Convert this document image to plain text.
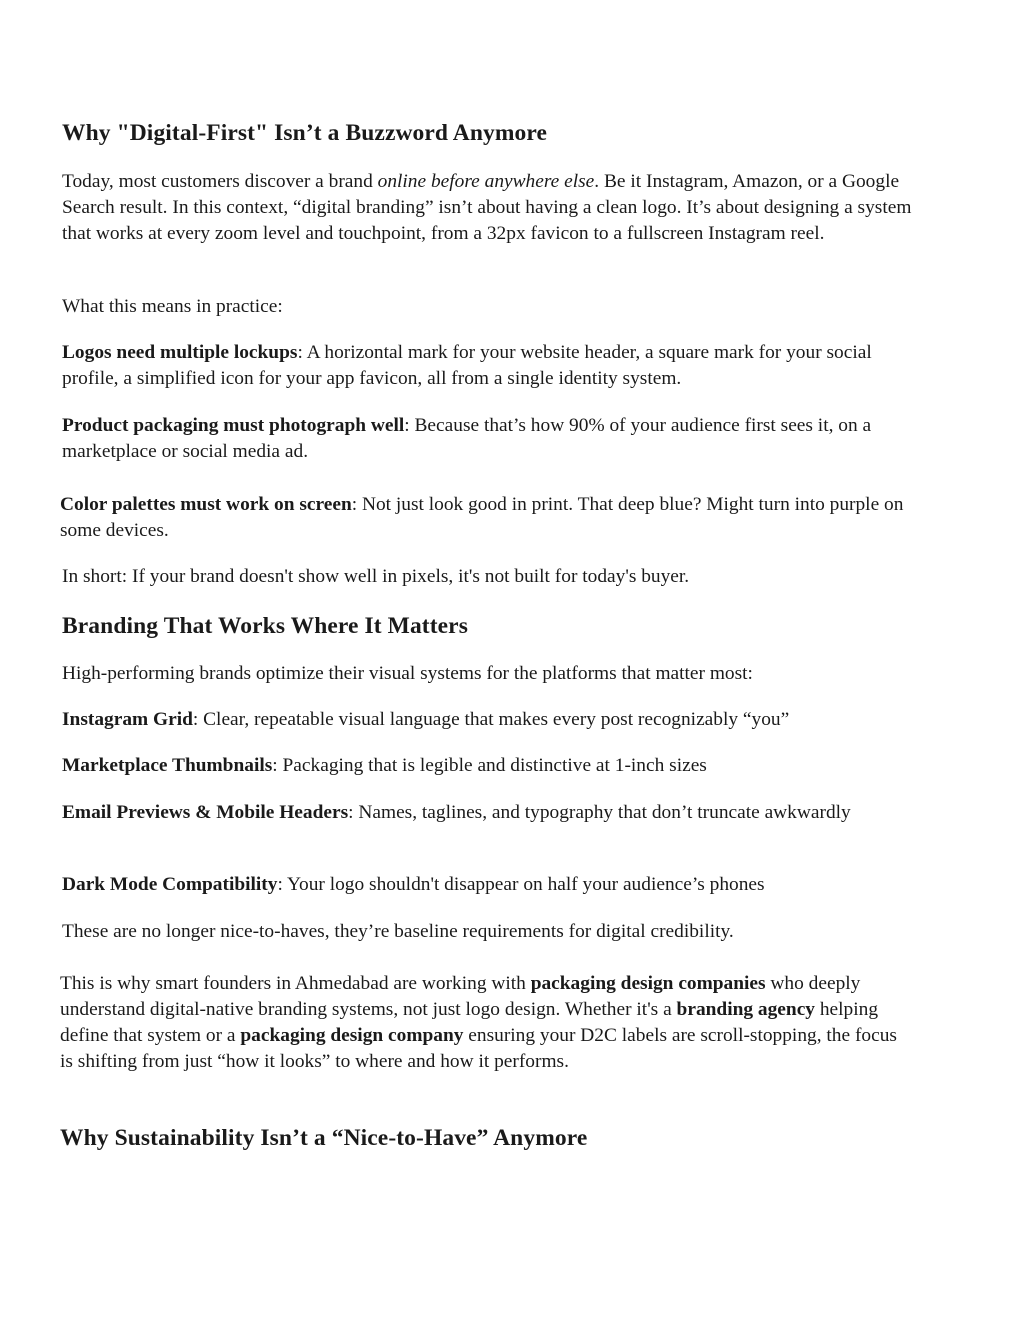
Why "Digital-First" Isn’t a Buzzword Anymore

Today, most customers discover a brand online before anywhere else. Be it Instagram, Amazon, or a Google Search result. In this context, “digital branding” isn’t about having a clean logo. It’s about designing a system that works at every zoom level and touchpoint, from a 32px favicon to a fullscreen Instagram reel.

What this means in practice:

Logos need multiple lockups: A horizontal mark for your website header, a square mark for your social profile, a simplified icon for your app favicon, all from a single identity system.

Product packaging must photograph well: Because that’s how 90% of your audience first sees it, on a marketplace or social media ad.

Color palettes must work on screen: Not just look good in print. That deep blue? Might turn into purple on some devices.

In short: If your brand doesn't show well in pixels, it's not built for today's buyer.

Branding That Works Where It Matters

High-performing brands optimize their visual systems for the platforms that matter most:

Instagram Grid: Clear, repeatable visual language that makes every post recognizably “you”

Marketplace Thumbnails: Packaging that is legible and distinctive at 1-inch sizes

Email Previews & Mobile Headers: Names, taglines, and typography that don’t truncate awkwardly

Dark Mode Compatibility: Your logo shouldn't disappear on half your audience’s phones

These are no longer nice-to-haves, they’re baseline requirements for digital credibility.

This is why smart founders in Ahmedabad are working with packaging design companies who deeply understand digital-native branding systems, not just logo design. Whether it's a branding agency helping define that system or a packaging design company ensuring your D2C labels are scroll-stopping, the focus is shifting from just “how it looks” to where and how it performs.

Why Sustainability Isn’t a “Nice-to-Have” Anymore
